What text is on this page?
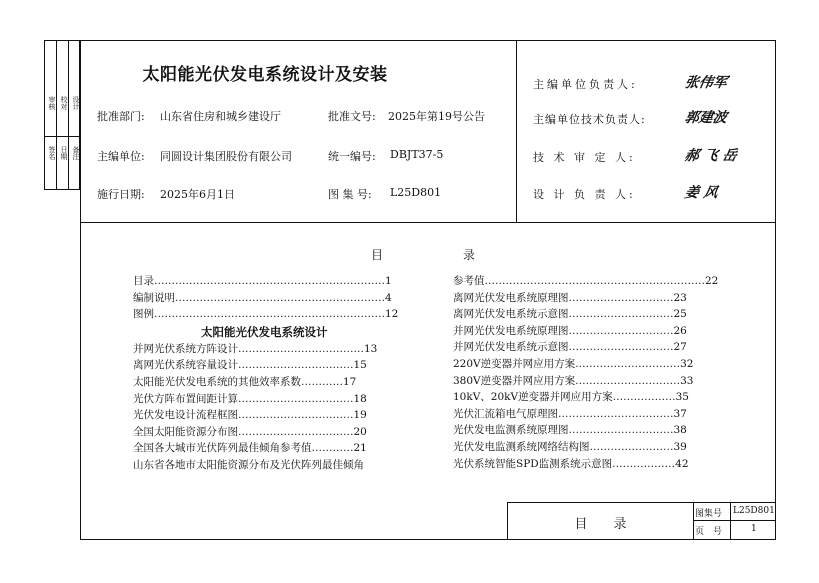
审核 校对 设计
签名 日期 备注
太阳能光伏发电系统设计及安装
批准部门: 山东省住房和城乡建设厅	批准文号: 2025年第19号公告
主编单位: 同圆设计集团股份有限公司	统一编号: DBJT37-5
施行日期: 2025年6月1日	图 集 号: L25D801
主编单位负责人:	张伟军
主编单位技术负责人:	郭建波
技 术 审 定 人:	郝 飞 岳
设 计 负 责 人:	姜 风
目	录
目录…………………………………………………………1
编制说明……………………………………………………4
图例…………………………………………………………12
太阳能光伏发电系统设计
并网光伏系统方阵设计………………………………13
离网光伏系统容量设计……………………………15
太阳能光伏发电系统的其他效率系数…………17
光伏方阵布置间距计算……………………………18
光伏发电设计流程框图……………………………19
全国太阳能资源分布图……………………………20
全国各大城市光伏阵列最佳倾角参考值…………21
山东省各地市太阳能资源分布及光伏阵列最佳倾角
参考值………………………………………………………22
离网光伏发电系统原理图…………………………23
离网光伏发电系统示意图…………………………25
并网光伏发电系统原理图…………………………26
并网光伏发电系统示意图…………………………27
220V逆变器并网应用方案…………………………32
380V逆变器并网应用方案…………………………33
10kV、20kV逆变器并网应用方案………………35
光伏汇流箱电气原理图……………………………37
光伏发电监测系统原理图…………………………38
光伏发电监测系统网络结构图……………………39
光伏系统智能SPD监测系统示意图………………42
目　　录
图集号 L25D801
页　号	1
